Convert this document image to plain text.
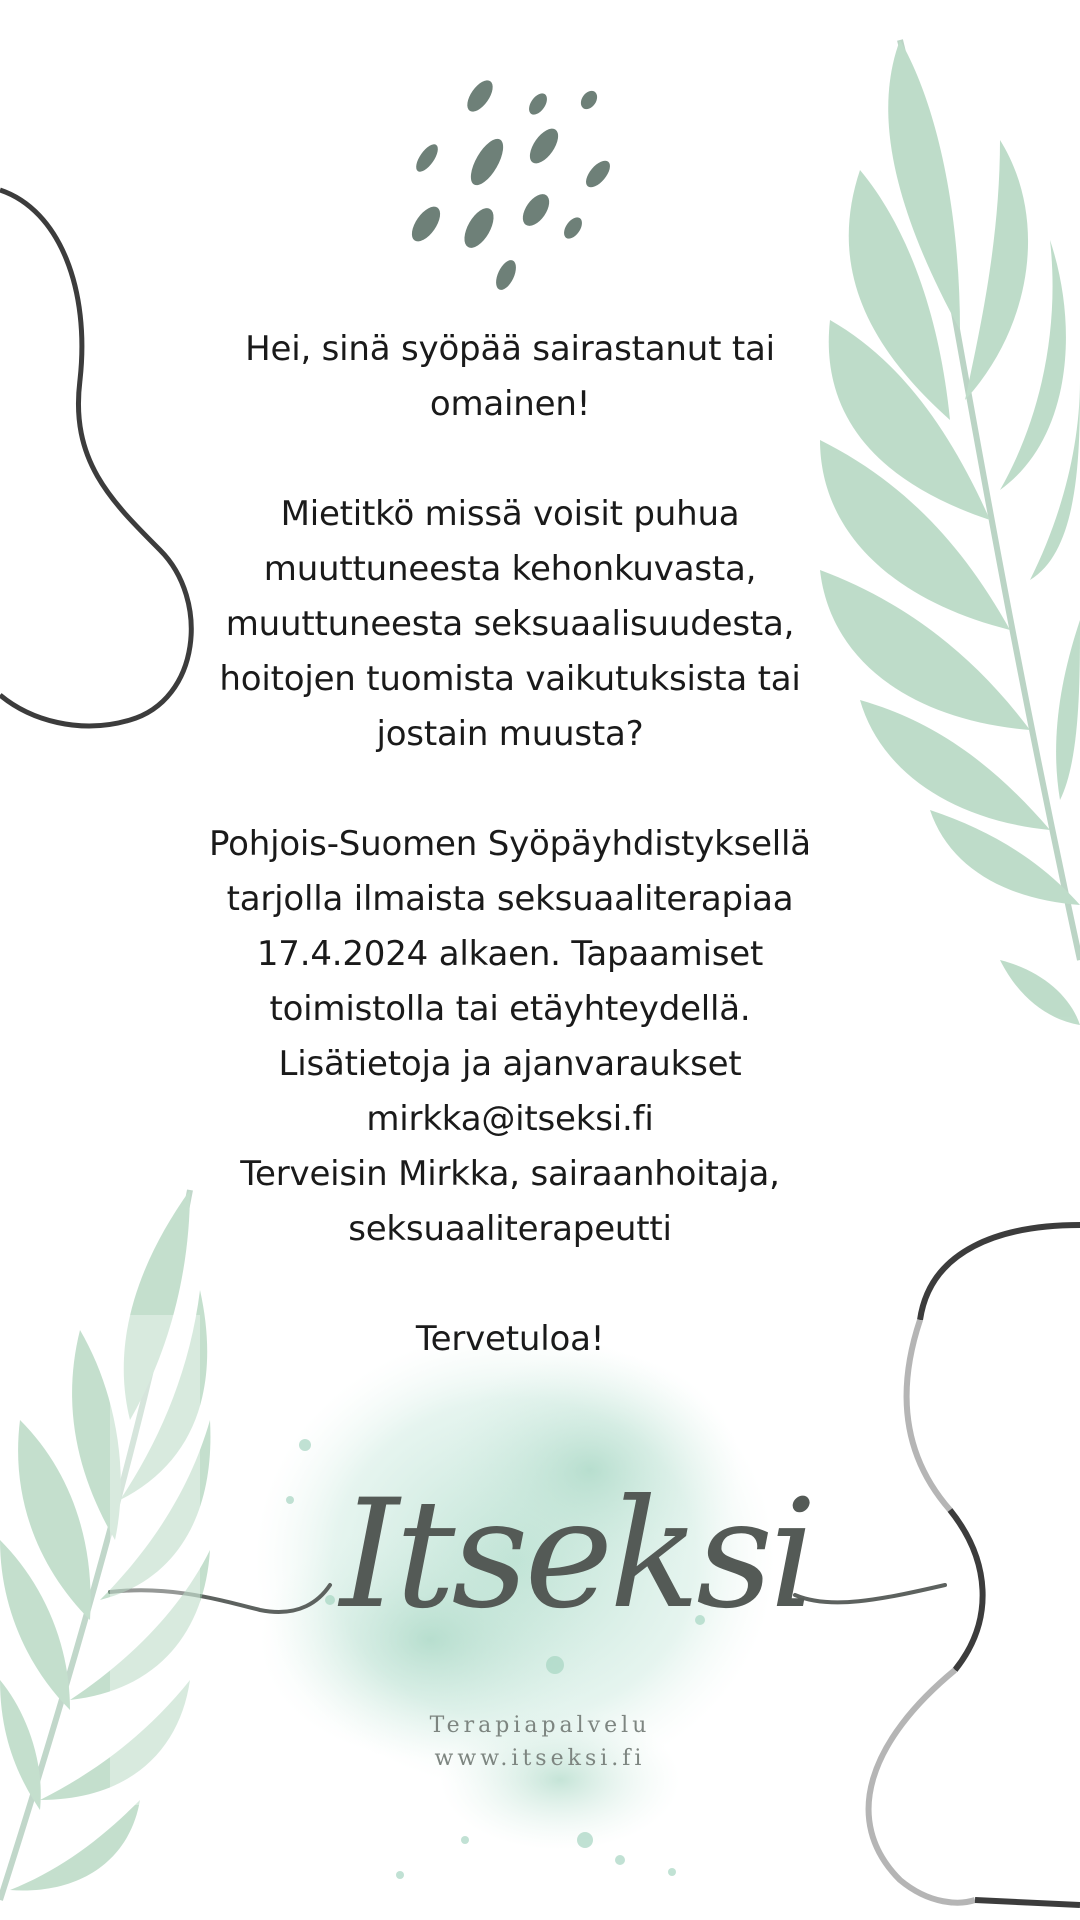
Hei, sinä syöpää sairastanut tai

omainen!

Mietitkö missä voisit puhua

muuttuneesta kehonkuvasta,

muuttuneesta seksuaalisuudesta,

hoitojen tuomista vaikutuksista tai

jostain muusta?

Pohjois-Suomen Syöpäyhdistyksellä

tarjolla ilmaista seksuaaliterapiaa

17.4.2024 alkaen. Tapaamiset

toimistolla tai etäyhteydellä.

Lisätietoja ja ajanvaraukset

mirkka@itseksi.fi

Terveisin Mirkka, sairaanhoitaja,

seksuaaliterapeutti

Tervetuloa!

Itseksi
Terapiapalvelu
www.itseksi.fi
